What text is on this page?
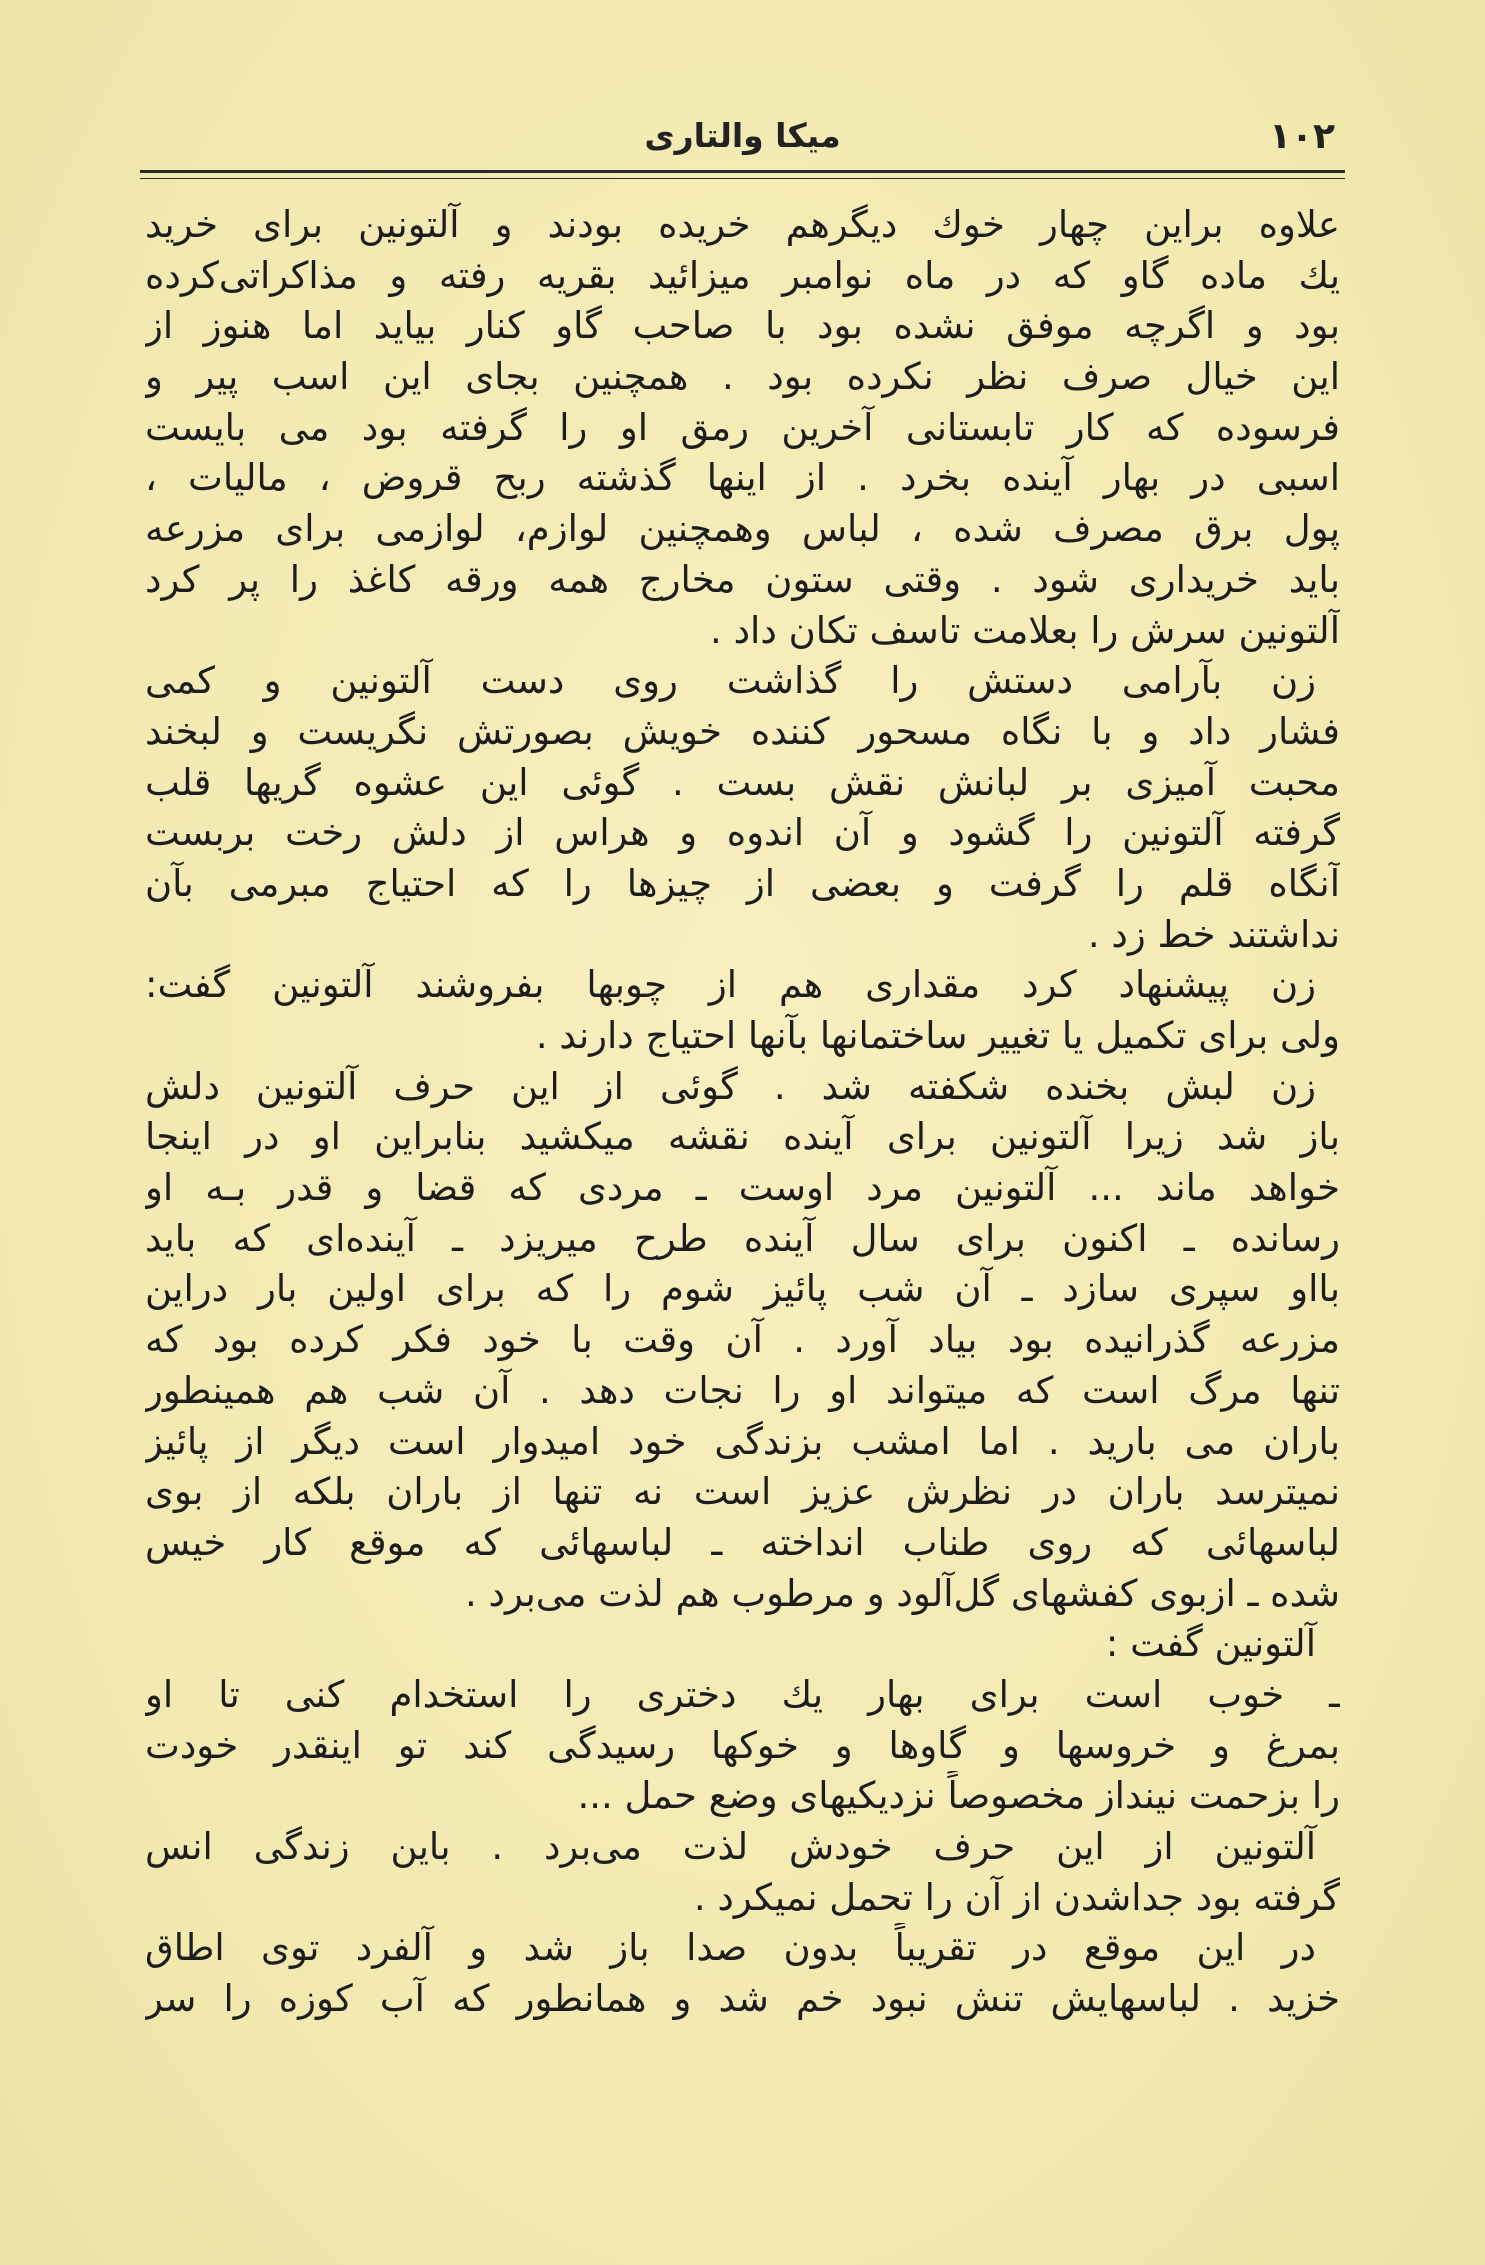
۱۰۲
میکا والتاری
علاوه براین چهار خوك دیگرهم خریده بودند و آلتونین برای خرید
یك ماده گاو که در ماه نوامبر میزائید بقریه رفته و مذاکراتی‌کرده
بود و اگرچه موفق نشده بود با صاحب گاو کنار بیاید اما هنوز از
این خیال صرف نظر نکرده بود . همچنین بجای این اسب پیر و
فرسوده که کار تابستانی آخرین رمق او را گرفته بود می بایست
اسبی در بهار آینده بخرد . از اینها گذشته ربح قروض ، مالیات ،
پول برق مصرف شده ، لباس وهمچنین لوازم، لوازمی برای مزرعه
باید خریداری شود . وقتی ستون مخارج همه ورقه کاغذ را پر کرد
آلتونین سرش را بعلامت تاسف تکان داد .
زن بآرامی دستش را گذاشت روی دست آلتونین و کمی
فشار داد و با نگاه مسحور کننده خویش بصورتش نگریست و لبخند
محبت آمیزی بر لبانش نقش بست . گوئی این عشوه گریها قلب
گرفته آلتونین را گشود و آن اندوه و هراس از دلش رخت بربست
آنگاه قلم را گرفت و بعضی از چیزها را که احتیاج مبرمی بآن
نداشتند خط زد .
زن پیشنهاد کرد مقداری هم از چوبها بفروشند آلتونین گفت:
ولی برای تکمیل یا تغییر ساختمانها بآنها احتیاج دارند .
زن لبش بخنده شکفته شد . گوئی از این حرف آلتونین دلش
باز شد زیرا آلتونین برای آینده نقشه میکشید بنابراین او در اینجا
خواهد ماند ... آلتونین مرد اوست ـ مردی که قضا و قدر بـه او
رسانده ـ اکنون برای سال آینده طرح میریزد ـ آینده‌ای که باید
بااو سپری سازد ـ آن شب پائیز شوم را که برای اولین بار دراین
مزرعه گذرانیده بود بیاد آورد . آن وقت با خود فکر کرده بود که
تنها مرگ است که میتواند او را نجات دهد . آن شب هم همینطور
باران می بارید . اما امشب بزندگی خود امیدوار است دیگر از پائیز
نمیترسد باران در نظرش عزیز است نه تنها از باران بلکه از بوی
لباسهائی که روی طناب انداخته ـ لباسهائی که موقع کار خیس
شده ـ ازبوی کفشهای گل‌آلود و مرطوب هم لذت می‌برد .
آلتونین گفت :
ـ خوب است برای بهار یك دختری را استخدام کنی تا او
بمرغ و خروسها و گاوها و خوکها رسیدگی کند تو اینقدر خودت
را بزحمت نینداز مخصوصاً نزدیکیهای وضع حمل ...
آلتونین از این حرف خودش لذت می‌برد . باین زندگی انس
گرفته بود جداشدن از آن را تحمل نمیکرد .
در این موقع در تقریباً بدون صدا باز شد و آلفرد توی اطاق
خزید . لباسهایش تنش نبود خم شد و همانطور که آب کوزه را سر
